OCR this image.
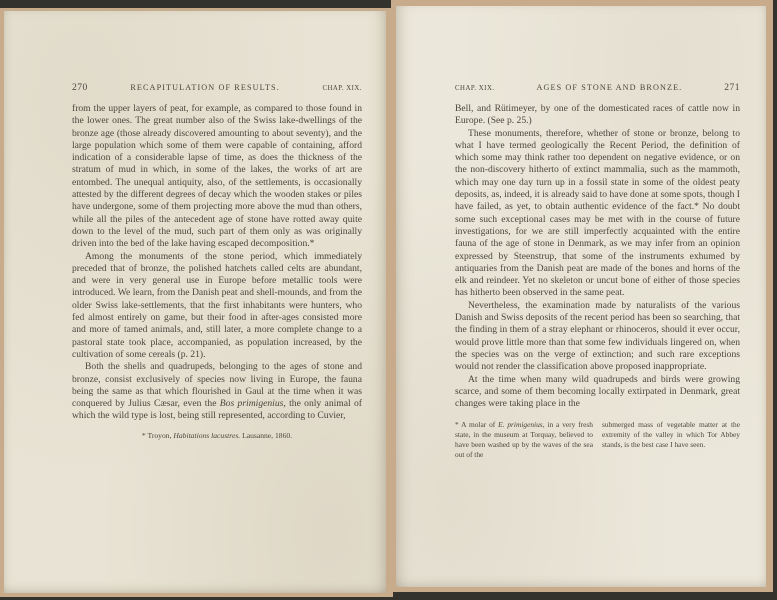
270	RECAPITULATION OF RESULTS.	CHAP. XIX.

from the upper layers of peat, for example, as compared to those found in the lower ones. The great number also of the Swiss lake-dwellings of the bronze age (those already discovered amounting to about seventy), and the large population which some of them were capable of containing, afford indication of a considerable lapse of time, as does the thickness of the stratum of mud in which, in some of the lakes, the works of art are entombed. The unequal antiquity, also, of the settlements, is occasionally attested by the different degrees of decay which the wooden stakes or piles have undergone, some of them projecting more above the mud than others, while all the piles of the antecedent age of stone have rotted away quite down to the level of the mud, such part of them only as was originally driven into the bed of the lake having escaped decomposition.*

Among the monuments of the stone period, which immediately preceded that of bronze, the polished hatchets called celts are abundant, and were in very general use in Europe before metallic tools were introduced. We learn, from the Danish peat and shell-mounds, and from the older Swiss lake-settlements, that the first inhabitants were hunters, who fed almost entirely on game, but their food in after-ages consisted more and more of tamed animals, and, still later, a more complete change to a pastoral state took place, accompanied, as population increased, by the cultivation of some cereals (p. 21).

Both the shells and quadrupeds, belonging to the ages of stone and bronze, consist exclusively of species now living in Europe, the fauna being the same as that which flourished in Gaul at the time when it was conquered by Julius Cæsar, even the Bos primigenius, the only animal of which the wild type is lost, being still represented, according to Cuvier,

* Troyon, Habitations lacustres. Lausanne, 1860.

CHAP. XIX.	AGES OF STONE AND BRONZE.	271

Bell, and Rütimeyer, by one of the domesticated races of cattle now in Europe. (See p. 25.)

These monuments, therefore, whether of stone or bronze, belong to what I have termed geologically the Recent Period, the definition of which some may think rather too dependent on negative evidence, or on the non-discovery hitherto of extinct mammalia, such as the mammoth, which may one day turn up in a fossil state in some of the oldest peaty deposits, as, indeed, it is already said to have done at some spots, though I have failed, as yet, to obtain authentic evidence of the fact.* No doubt some such exceptional cases may be met with in the course of future investigations, for we are still imperfectly acquainted with the entire fauna of the age of stone in Denmark, as we may infer from an opinion expressed by Steenstrup, that some of the instruments exhumed by antiquaries from the Danish peat are made of the bones and horns of the elk and reindeer. Yet no skeleton or uncut bone of either of those species has hitherto been observed in the same peat.

Nevertheless, the examination made by naturalists of the various Danish and Swiss deposits of the recent period has been so searching, that the finding in them of a stray elephant or rhinoceros, should it ever occur, would prove little more than that some few individuals lingered on, when the species was on the verge of extinction; and such rare exceptions would not render the classification above proposed inappropriate.

At the time when many wild quadrupeds and birds were growing scarce, and some of them becoming locally extirpated in Denmark, great changes were taking place in the

* A molar of E. primigenius, in a very fresh state, in the museum at Torquay, believed to have been washed up by the waves of the sea out of the

submerged mass of vegetable matter at the extremity of the valley in which Tor Abbey stands, is the best case I have seen.
